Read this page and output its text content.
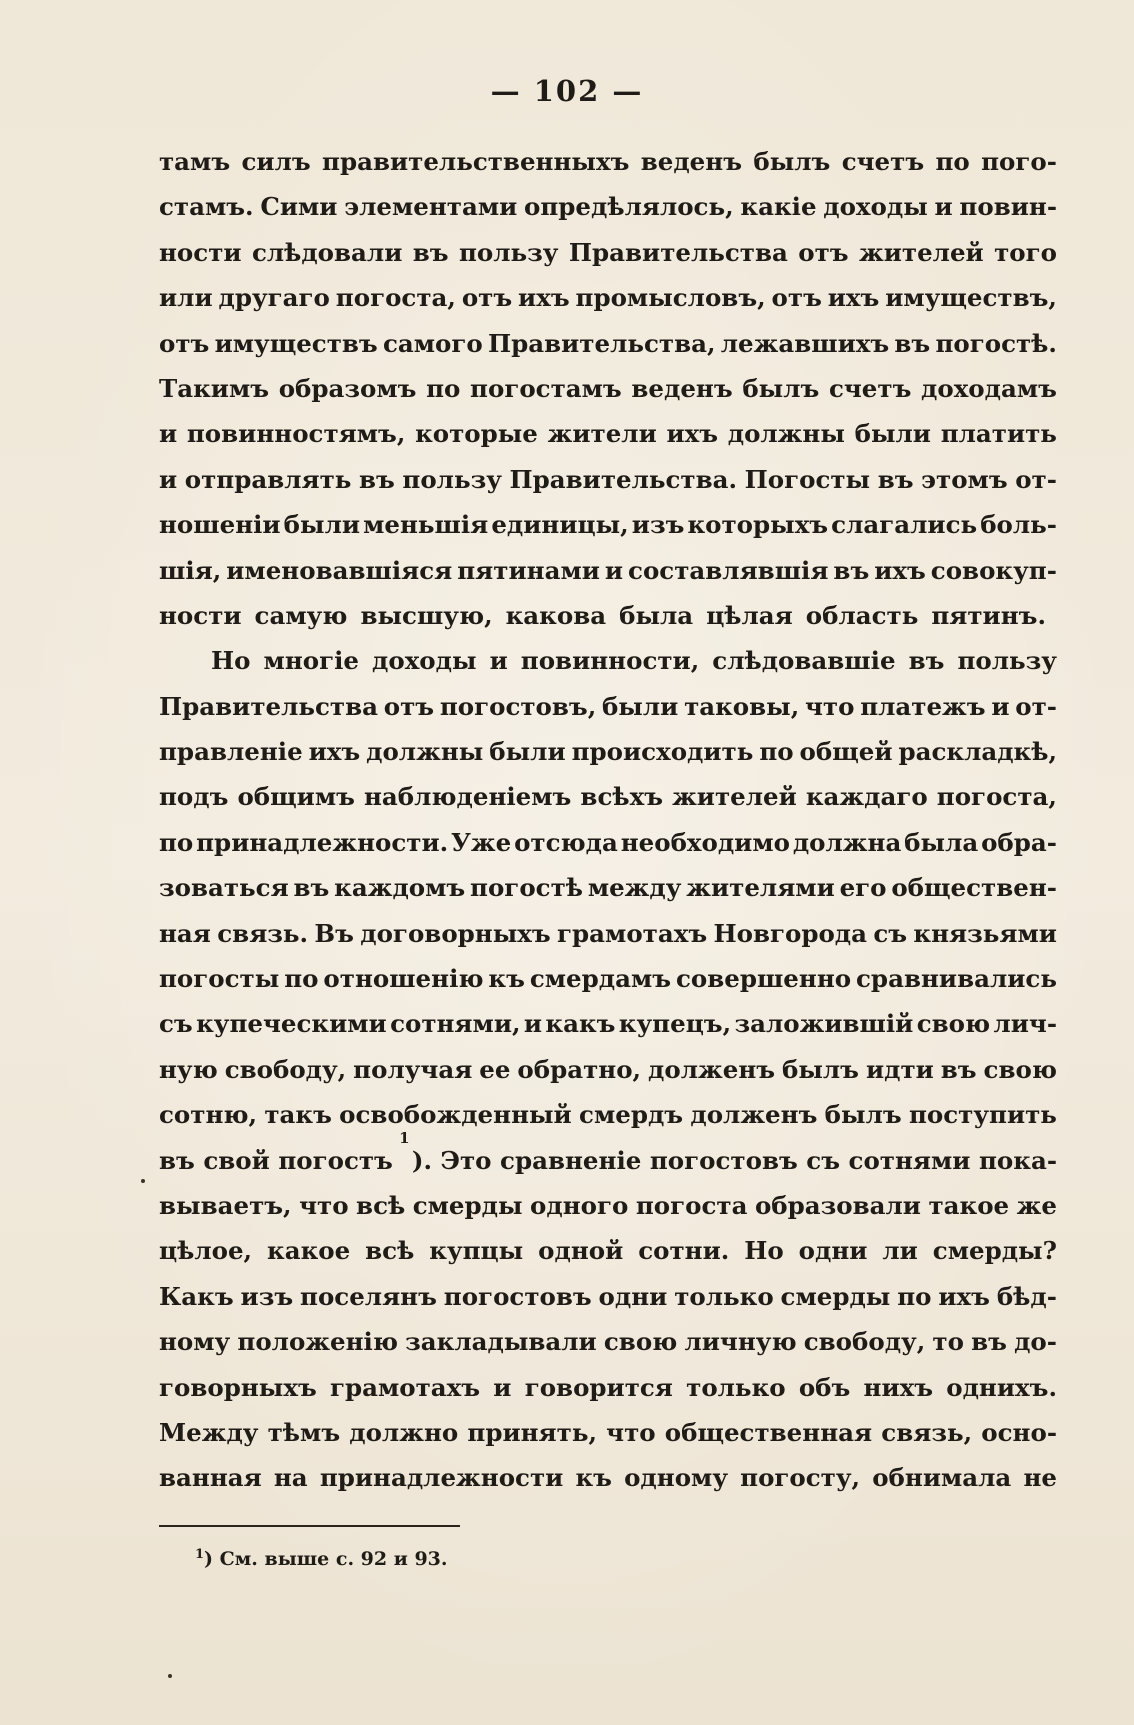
— 102 —
тамъ силъ правительственныхъ веденъ былъ счетъ по пого-
стамъ. Сими элементами опредѣлялось, какіе доходы и повин-
ности слѣдовали въ пользу Правительства отъ жителей того
или другаго погоста, отъ ихъ промысловъ, отъ ихъ имуществъ,
отъ имуществъ самого Правительства, лежавшихъ въ погостѣ.
Такимъ образомъ по погостамъ веденъ былъ счетъ доходамъ
и повинностямъ, которые жители ихъ должны были платить
и отправлять въ пользу Правительства. Погосты въ этомъ от-
ношеніи были меньшія единицы, изъ которыхъ слагались боль-
шія, именовавшіяся пятинами и составлявшія въ ихъ совокуп-
ности самую высшую, какова была цѣлая область пятинъ.
Но многіе доходы и повинности, слѣдовавшіе въ пользу
Правительства отъ погостовъ, были таковы, что платежъ и от-
правленіе ихъ должны были происходить по общей раскладкѣ,
подъ общимъ наблюденіемъ всѣхъ жителей каждаго погоста,
по принадлежности. Уже отсюда необходимо должна была обра-
зоваться въ каждомъ погостѣ между жителями его обществен-
ная связь. Въ договорныхъ грамотахъ Новгорода съ князьями
погосты по отношенію къ смердамъ совершенно сравнивались
съ купеческими сотнями, и какъ купецъ, заложившій свою лич-
ную свободу, получая ее обратно, долженъ былъ идти въ свою
сотню, такъ освобожденный смердъ долженъ былъ поступить
въ свой погостъ
1
). Это сравненіе погостовъ съ сотнями пока-
вываетъ, что всѣ смерды одного погоста образовали такое же
цѣлое, какое всѣ купцы одной сотни. Но одни ли смерды?
Какъ изъ поселянъ погостовъ одни только смерды по ихъ бѣд-
ному положенію закладывали свою личную свободу, то въ до-
говорныхъ грамотахъ и говорится только объ нихъ однихъ.
Между тѣмъ должно принять, что общественная связь, осно-
ванная на принадлежности къ одному погосту, обнимала не
$^1$) См. выше с. 92 и 93.
